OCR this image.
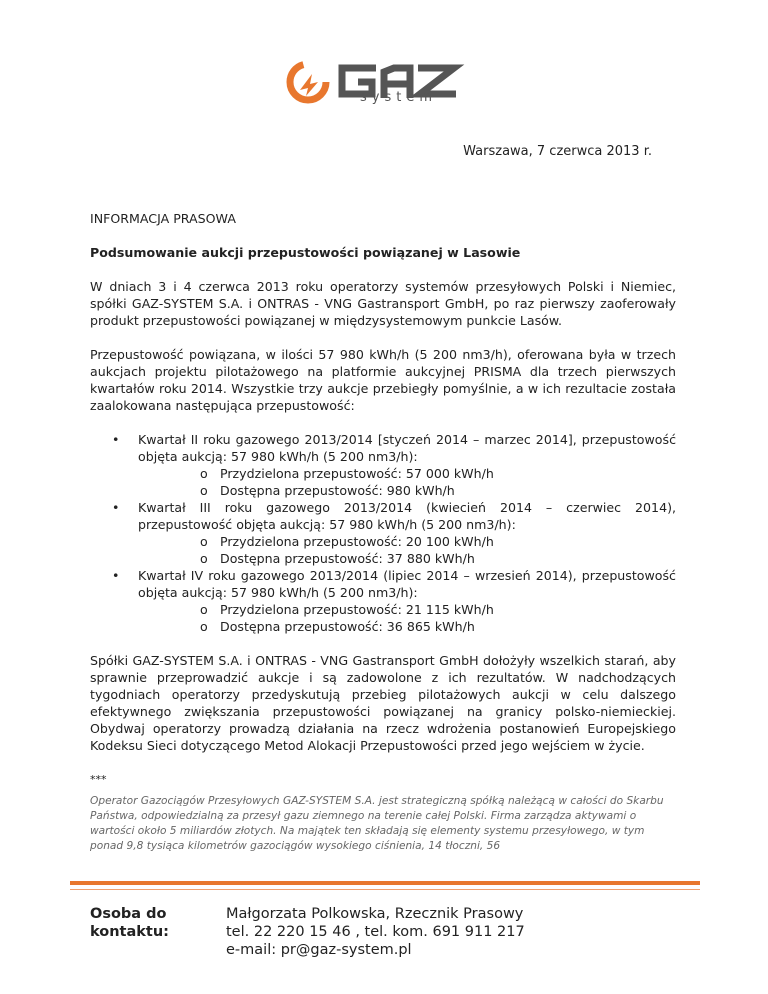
system
Warszawa, 7 czerwca 2013 r.

INFORMACJA PRASOWA

Podsumowanie aukcji przepustowości powiązanej w Lasowie

W dniach 3 i 4 czerwca 2013 roku operatorzy systemów przesyłowych Polski i Niemiec, spółki GAZ-SYSTEM S.A. i ONTRAS - VNG Gastransport GmbH, po raz pierwszy zaoferowały produkt przepustowości powiązanej w międzysystemowym punkcie Lasów.

Przepustowość powiązana, w ilości 57 980 kWh/h (5 200 nm3/h), oferowana była w trzech aukcjach projektu pilotażowego na platformie aukcyjnej PRISMA dla trzech pierwszych kwartałów roku 2014. Wszystkie trzy aukcje przebiegły pomyślnie, a w ich rezultacie została zaalokowana następująca przepustowość:

• Kwartał II roku gazowego 2013/2014 [styczeń 2014 – marzec 2014], przepustowość objęta aukcją: 57 980 kWh/h (5 200 nm3/h):
o Przydzielona przepustowość: 57 000 kWh/h
o Dostępna przepustowość: 980 kWh/h
• Kwartał III roku gazowego 2013/2014 (kwiecień 2014 – czerwiec 2014), przepustowość objęta aukcją: 57 980 kWh/h (5 200 nm3/h):
o Przydzielona przepustowość: 20 100 kWh/h
o Dostępna przepustowość: 37 880 kWh/h
• Kwartał IV roku gazowego 2013/2014 (lipiec 2014 – wrzesień 2014), przepustowość objęta aukcją: 57 980 kWh/h (5 200 nm3/h):
o Przydzielona przepustowość: 21 115 kWh/h
o Dostępna przepustowość: 36 865 kWh/h

Spółki GAZ-SYSTEM S.A. i ONTRAS - VNG Gastransport GmbH dołożyły wszelkich starań, aby sprawnie przeprowadzić aukcje i są zadowolone z ich rezultatów. W nadchodzących tygodniach operatorzy przedyskutują przebieg pilotażowych aukcji w celu dalszego efektywnego zwiększania przepustowości powiązanej na granicy polsko-niemieckiej. Obydwaj operatorzy prowadzą działania na rzecz wdrożenia postanowień Europejskiego Kodeksu Sieci dotyczącego Metod Alokacji Przepustowości przed jego wejściem w życie.

***

Operator Gazociągów Przesyłowych GAZ-SYSTEM S.A. jest strategiczną spółką należącą w całości do Skarbu Państwa, odpowiedzialną za przesył gazu ziemnego na terenie całej Polski. Firma zarządza aktywami o wartości około 5 miliardów złotych. Na majątek ten składają się elementy systemu przesyłowego, w tym ponad 9,8 tysiąca kilometrów gazociągów wysokiego ciśnienia, 14 tłoczni, 56

Osoba do kontaktu:
Małgorzata Polkowska, Rzecznik Prasowy
tel. 22 220 15 46 , tel. kom. 691 911 217
e-mail: pr@gaz-system.pl
